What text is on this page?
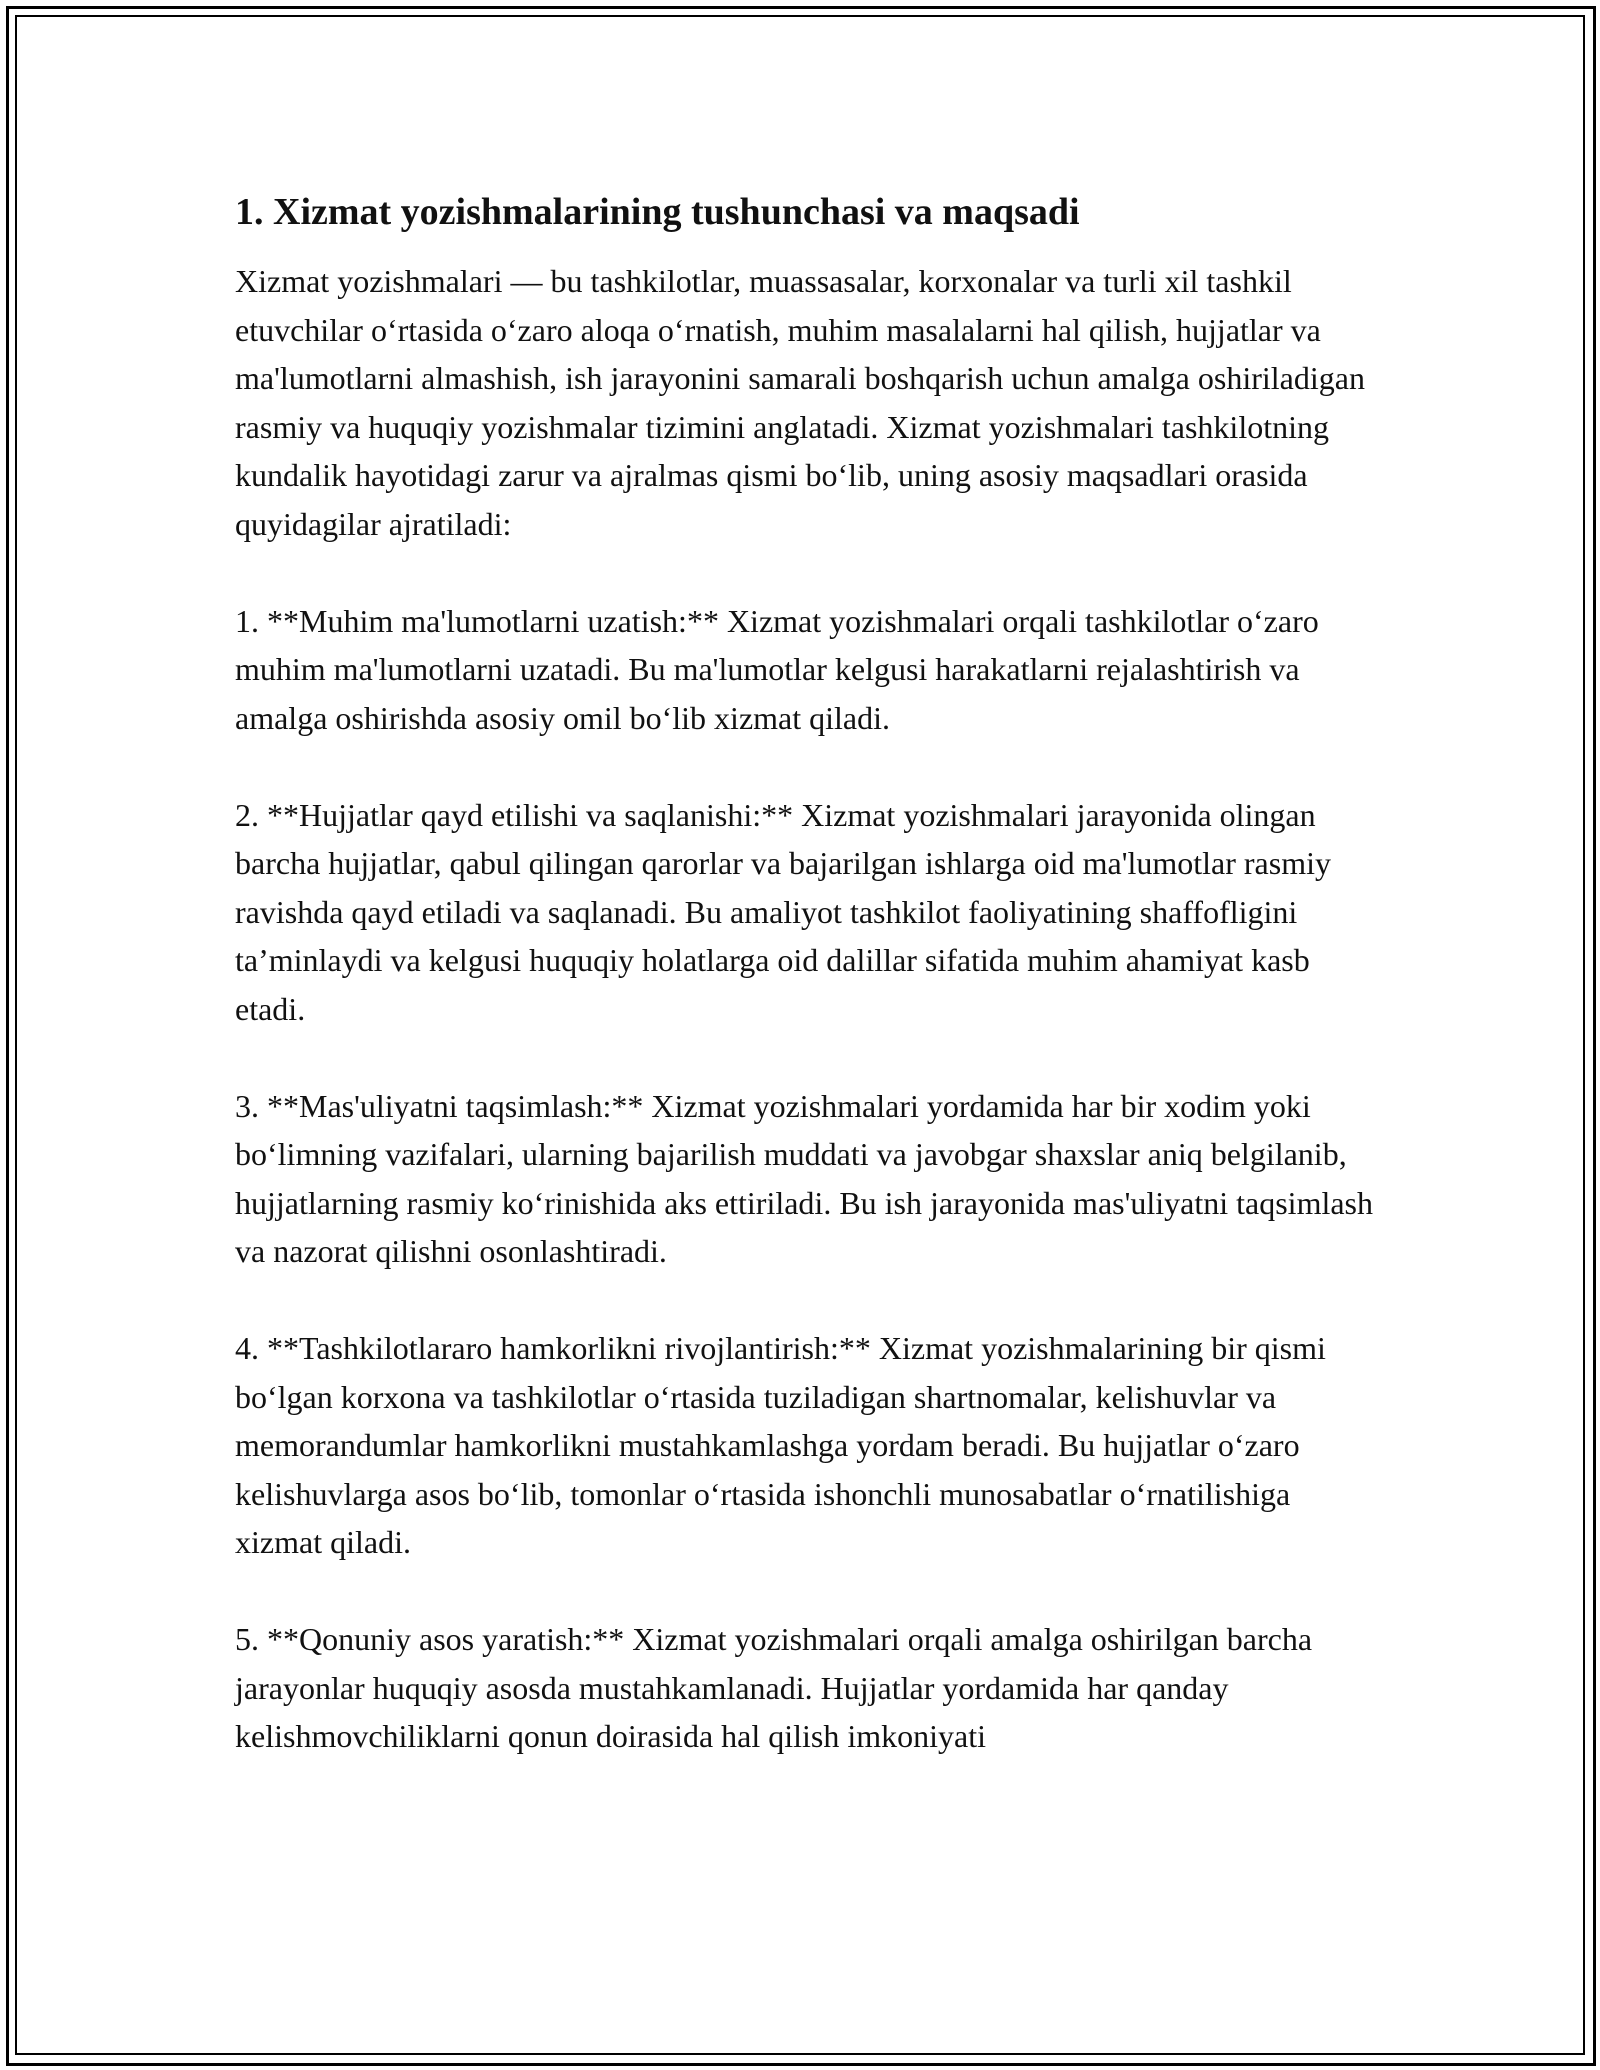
1. Xizmat yozishmalarining tushunchasi va maqsadi

Xizmat yozishmalari — bu tashkilotlar, muassasalar, korxonalar va turli xil tashkil etuvchilar o‘rtasida o‘zaro aloqa o‘rnatish, muhim masalalarni hal qilish, hujjatlar va ma'lumotlarni almashish, ish jarayonini samarali boshqarish uchun amalga oshiriladigan rasmiy va huquqiy yozishmalar tizimini anglatadi. Xizmat yozishmalari tashkilotning kundalik hayotidagi zarur va ajralmas qismi bo‘lib, uning asosiy maqsadlari orasida quyidagilar ajratiladi:

1. **Muhim ma'lumotlarni uzatish:** Xizmat yozishmalari orqali tashkilotlar o‘zaro muhim ma'lumotlarni uzatadi. Bu ma'lumotlar kelgusi harakatlarni rejalashtirish va amalga oshirishda asosiy omil bo‘lib xizmat qiladi.

2. **Hujjatlar qayd etilishi va saqlanishi:** Xizmat yozishmalari jarayonida olingan barcha hujjatlar, qabul qilingan qarorlar va bajarilgan ishlarga oid ma'lumotlar rasmiy ravishda qayd etiladi va saqlanadi. Bu amaliyot tashkilot faoliyatining shaffofligini ta’minlaydi va kelgusi huquqiy holatlarga oid dalillar sifatida muhim ahamiyat kasb etadi.

3. **Mas'uliyatni taqsimlash:** Xizmat yozishmalari yordamida har bir xodim yoki bo‘limning vazifalari, ularning bajarilish muddati va javobgar shaxslar aniq belgilanib, hujjatlarning rasmiy ko‘rinishida aks ettiriladi. Bu ish jarayonida mas'uliyatni taqsimlash va nazorat qilishni osonlashtiradi.

4. **Tashkilotlararo hamkorlikni rivojlantirish:** Xizmat yozishmalarining bir qismi bo‘lgan korxona va tashkilotlar o‘rtasida tuziladigan shartnomalar, kelishuvlar va memorandumlar hamkorlikni mustahkamlashga yordam beradi. Bu hujjatlar o‘zaro kelishuvlarga asos bo‘lib, tomonlar o‘rtasida ishonchli munosabatlar o‘rnatilishiga xizmat qiladi.

5. **Qonuniy asos yaratish:** Xizmat yozishmalari orqali amalga oshirilgan barcha jarayonlar huquqiy asosda mustahkamlanadi. Hujjatlar yordamida har qanday kelishmovchiliklarni qonun doirasida hal qilish imkoniyati
